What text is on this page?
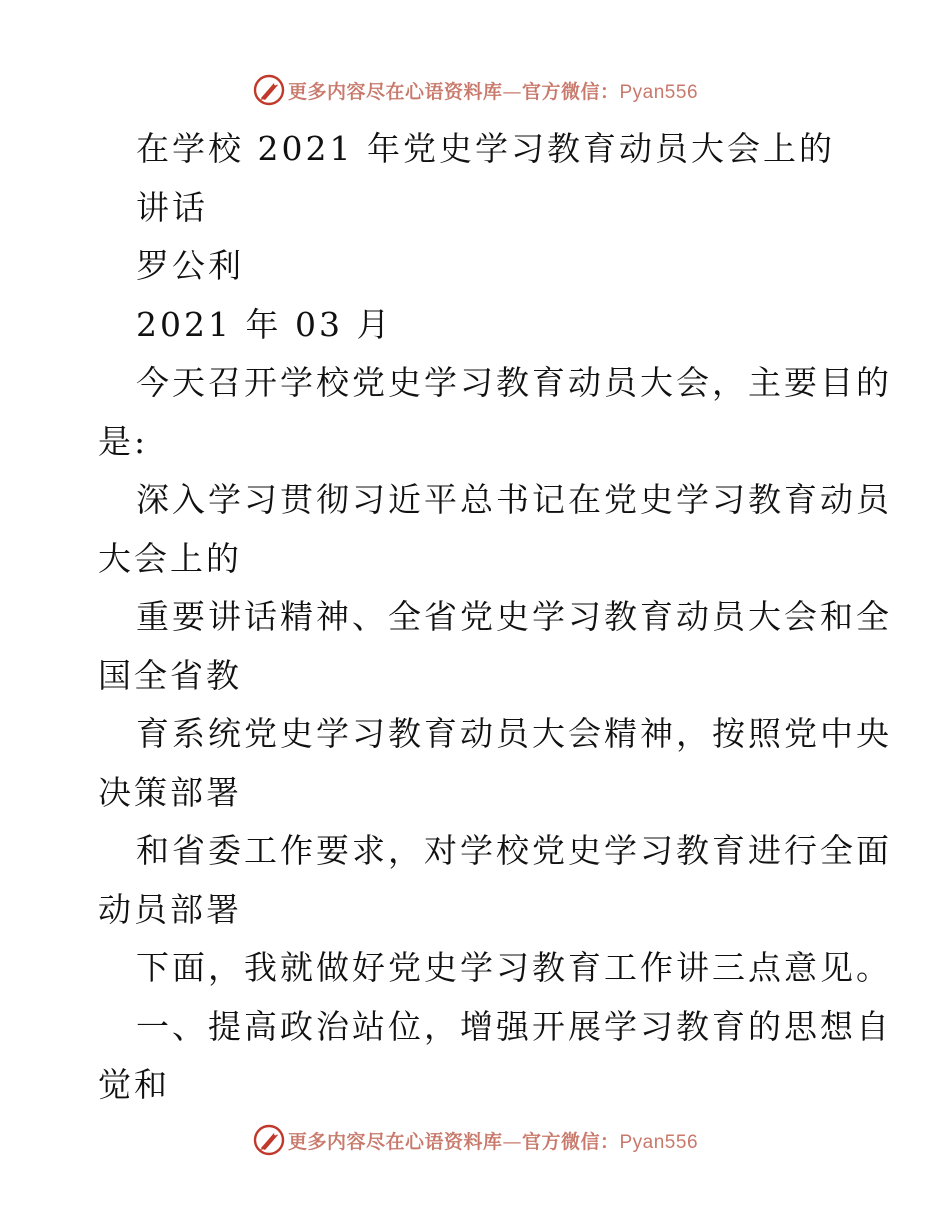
更多内容尽在心语资料库—官方微信：Pyan556
在学校 2021 年党史学习教育动员大会上的
讲话
罗公利
2021 年 03 月
今天召开学校党史学习教育动员大会，主要目的
是:
深入学习贯彻习近平总书记在党史学习教育动员
大会上的
重要讲话精神、全省党史学习教育动员大会和全
国全省教
育系统党史学习教育动员大会精神，按照党中央
决策部署
和省委工作要求，对学校党史学习教育进行全面
动员部署
下面，我就做好党史学习教育工作讲三点意见。
一、提高政治站位，增强开展学习教育的思想自
觉和
更多内容尽在心语资料库—官方微信：Pyan556
